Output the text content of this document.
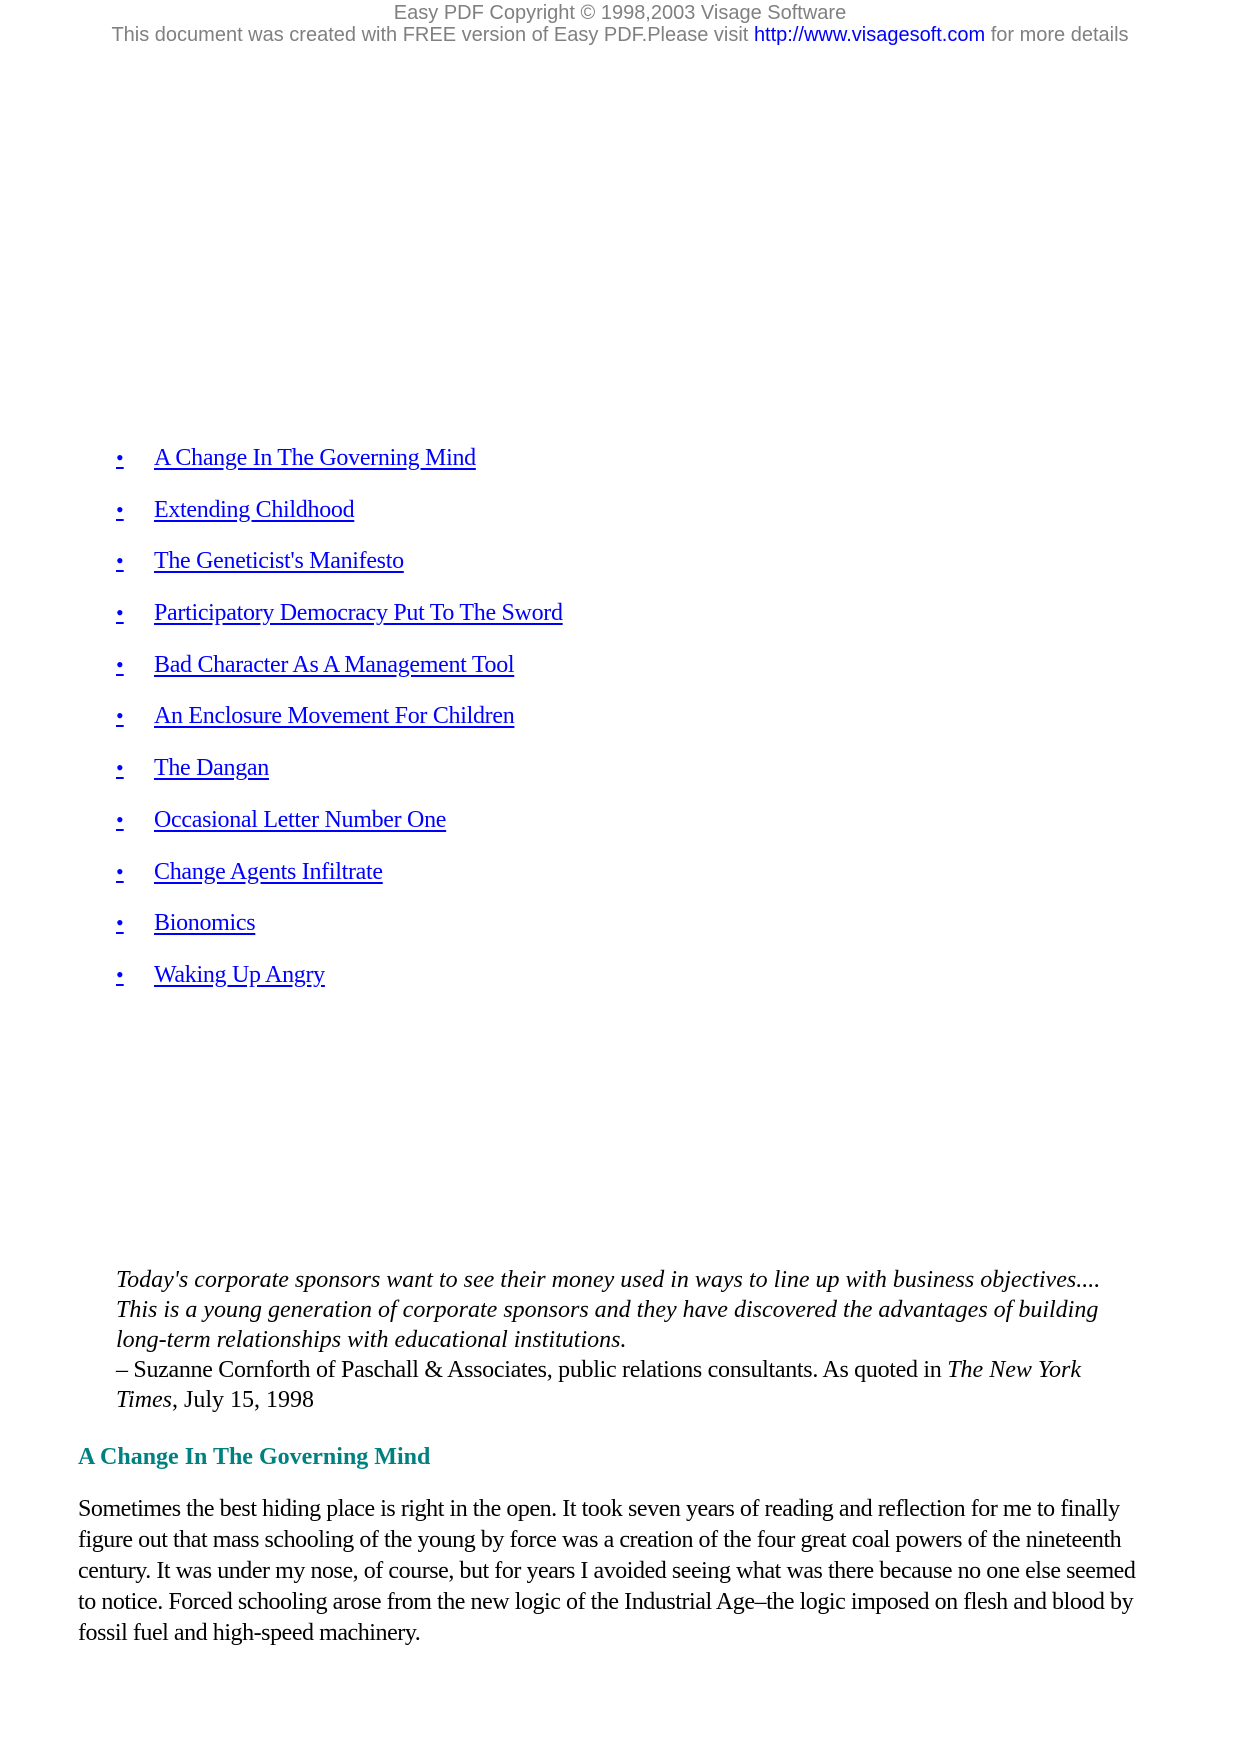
Easy PDF Copyright © 1998,2003 Visage Software
This document was created with FREE version of Easy PDF.Please visit http://www.visagesoft.com for more details
• A Change In The Governing Mind
• Extending Childhood
• The Geneticist's Manifesto
• Participatory Democracy Put To The Sword
• Bad Character As A Management Tool
• An Enclosure Movement For Children
• The Dangan
• Occasional Letter Number One
• Change Agents Infiltrate
• Bionomics
• Waking Up Angry
Today's corporate sponsors want to see their money used in ways to line up with business objectives.... This is a young generation of corporate sponsors and they have discovered the advantages of building long-term relationships with educational institutions.
– Suzanne Cornforth of Paschall & Associates, public relations consultants. As quoted in The New York Times, July 15, 1998
A Change In The Governing Mind

Sometimes the best hiding place is right in the open. It took seven years of reading and reflection for me to finally figure out that mass schooling of the young by force was a creation of the four great coal powers of the nineteenth century. It was under my nose, of course, but for years I avoided seeing what was there because no one else seemed to notice. Forced schooling arose from the new logic of the Industrial Age–the logic imposed on flesh and blood by fossil fuel and high-speed machinery.
